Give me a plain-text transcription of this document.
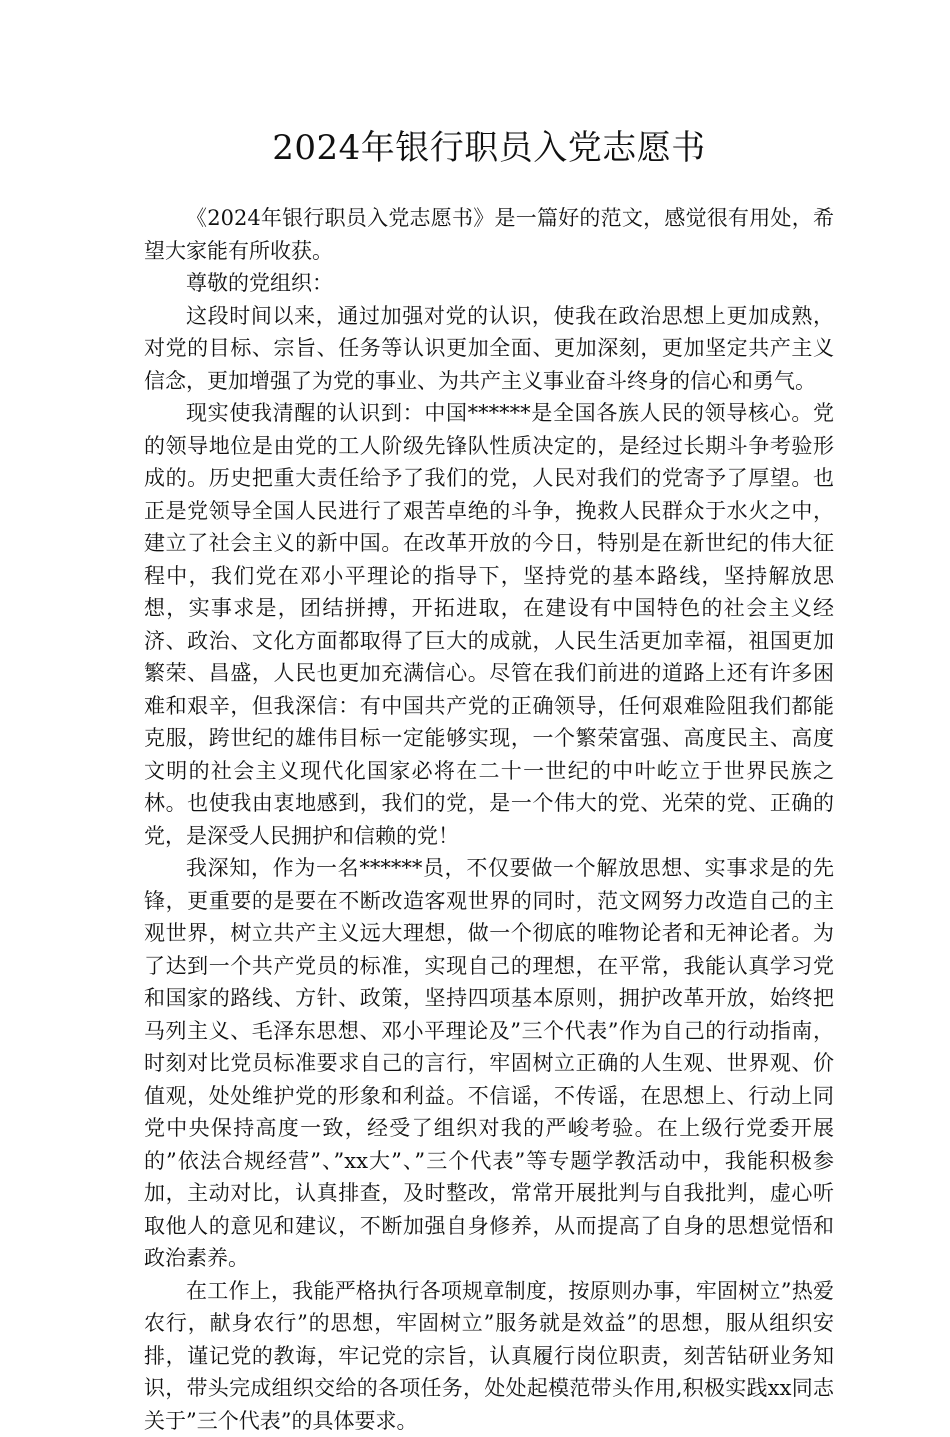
2024年银行职员入党志愿书

《2024年银行职员入党志愿书》是一篇好的范文，感觉很有用处，希望大家能有所收获。

尊敬的党组织：

这段时间以来，通过加强对党的认识，使我在政治思想上更加成熟，对党的目标、宗旨、任务等认识更加全面、更加深刻，更加坚定共产主义信念，更加增强了为党的事业、为共产主义事业奋斗终身的信心和勇气。

现实使我清醒的认识到：中国******是全国各族人民的领导核心。党的领导地位是由党的工人阶级先锋队性质决定的，是经过长期斗争考验形成的。历史把重大责任给予了我们的党，人民对我们的党寄予了厚望。也正是党领导全国人民进行了艰苦卓绝的斗争，挽救人民群众于水火之中，建立了社会主义的新中国。在改革开放的今日，特别是在新世纪的伟大征程中，我们党在邓小平理论的指导下，坚持党的基本路线，坚持解放思想，实事求是，团结拼搏，开拓进取，在建设有中国特色的社会主义经济、政治、文化方面都取得了巨大的成就，人民生活更加幸福，祖国更加繁荣、昌盛，人民也更加充满信心。尽管在我们前进的道路上还有许多困难和艰辛，但我深信：有中国共产党的正确领导，任何艰难险阻我们都能克服，跨世纪的雄伟目标一定能够实现，一个繁荣富强、高度民主、高度文明的社会主义现代化国家必将在二十一世纪的中叶屹立于世界民族之林。也使我由衷地感到，我们的党，是一个伟大的党、光荣的党、正确的党，是深受人民拥护和信赖的党！

我深知，作为一名******员，不仅要做一个解放思想、实事求是的先锋，更重要的是要在不断改造客观世界的同时，范文网努力改造自己的主观世界，树立共产主义远大理想，做一个彻底的唯物论者和无神论者。为了达到一个共产党员的标准，实现自己的理想，在平常，我能认真学习党和国家的路线、方针、政策，坚持四项基本原则，拥护改革开放，始终把马列主义、毛泽东思想、邓小平理论及”三个代表”作为自己的行动指南，时刻对比党员标准要求自己的言行，牢固树立正确的人生观、世界观、价值观，处处维护党的形象和利益。不信谣，不传谣，在思想上、行动上同党中央保持高度一致，经受了组织对我的严峻考验。在上级行党委开展的”依法合规经营”、”xx大”、”三个代表”等专题学教活动中，我能积极参加，主动对比，认真排查，及时整改，常常开展批判与自我批判，虚心听取他人的意见和建议，不断加强自身修养，从而提高了自身的思想觉悟和政治素养。

在工作上，我能严格执行各项规章制度，按原则办事，牢固树立”热爱农行，献身农行”的思想，牢固树立”服务就是效益”的思想，服从组织安排，谨记党的教诲，牢记党的宗旨，认真履行岗位职责，刻苦钻研业务知识，带头完成组织交给的各项任务，处处起模范带头作用,积极实践xx同志关于”三个代表”的具体要求。
